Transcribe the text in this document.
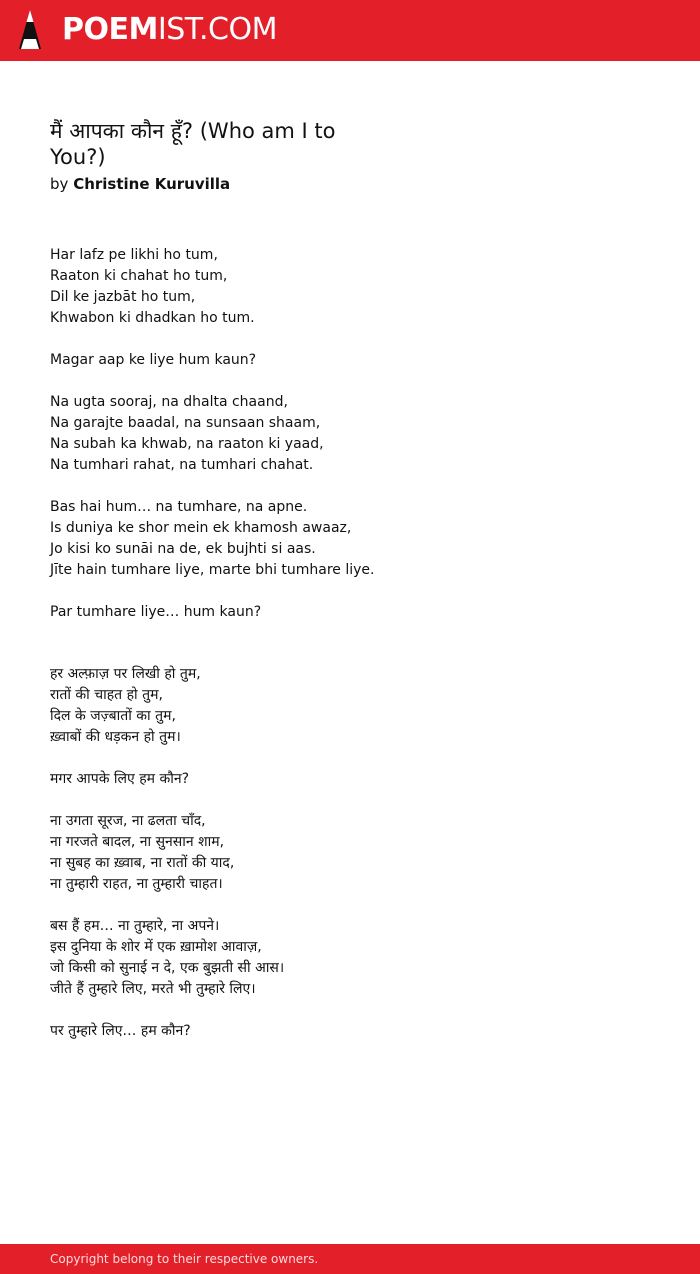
POEMIST.COM
मैं आपका कौन हूँ? (Who am I to You?)
by Christine Kuruvilla
Har lafz pe likhi ho tum,
Raaton ki chahat ho tum,
Dil ke jazbāt ho tum,
Khwabon ki dhadkan ho tum.
Magar aap ke liye hum kaun?
Na ugta sooraj, na dhalta chaand,
Na garajte baadal, na sunsaan shaam,
Na subah ka khwab, na raaton ki yaad,
Na tumhari rahat, na tumhari chahat.
Bas hai hum… na tumhare, na apne.
Is duniya ke shor mein ek khamosh awaaz,
Jo kisi ko sunāi na de, ek bujhti si aas.
Jīte hain tumhare liye, marte bhi tumhare liye.
Par tumhare liye… hum kaun?
हर अल्फ़ाज़ पर लिखी हो तुम,
रातों की चाहत हो तुम,
दिल के जज़्बातों का तुम,
ख़्वाबों की धड़कन हो तुम।
मगर आपके लिए हम कौन?
ना उगता सूरज, ना ढलता चाँद,
ना गरजते बादल, ना सुनसान शाम,
ना सुबह का ख़्वाब, ना रातों की याद,
ना तुम्हारी राहत, ना तुम्हारी चाहत।
बस हैं हम… ना तुम्हारे, ना अपने।
इस दुनिया के शोर में एक ख़ामोश आवाज़,
जो किसी को सुनाई न दे, एक बुझती सी आस।
जीते हैं तुम्हारे लिए, मरते भी तुम्हारे लिए।
पर तुम्हारे लिए… हम कौन?
Copyright belong to their respective owners.
